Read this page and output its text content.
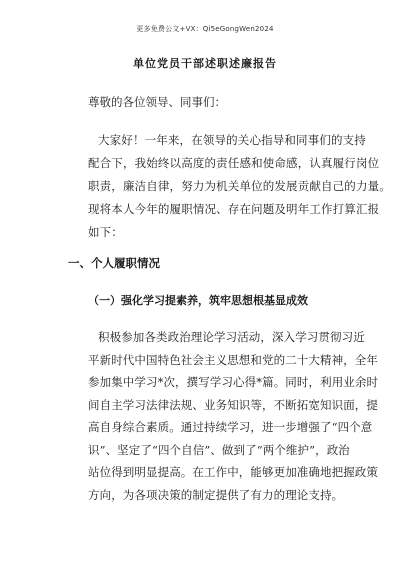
更多免费公文+VX：Qi5eGongWen2024
单位党员干部述职述廉报告
尊敬的各位领导、同事们：
大家好！一年来，在领导的关心指导和同事们的支持
配合下，我始终以高度的责任感和使命感，认真履行岗位
职责，廉洁自律，努力为机关单位的发展贡献自己的力量。
现将本人今年的履职情况、存在问题及明年工作打算汇报
如下：
一、个人履职情况
（一）强化学习提素养，筑牢思想根基显成效
积极参加各类政治理论学习活动，深入学习贯彻习近
平新时代中国特色社会主义思想和党的二十大精神，全年
参加集中学习*次，撰写学习心得*篇。同时，利用业余时
间自主学习法律法规、业务知识等，不断拓宽知识面，提
高自身综合素质。通过持续学习，进一步增强了“四个意
识”、坚定了“四个自信”、做到了“两个维护”，政治
站位得到明显提高。在工作中，能够更加准确地把握政策
方向，为各项决策的制定提供了有力的理论支持。
